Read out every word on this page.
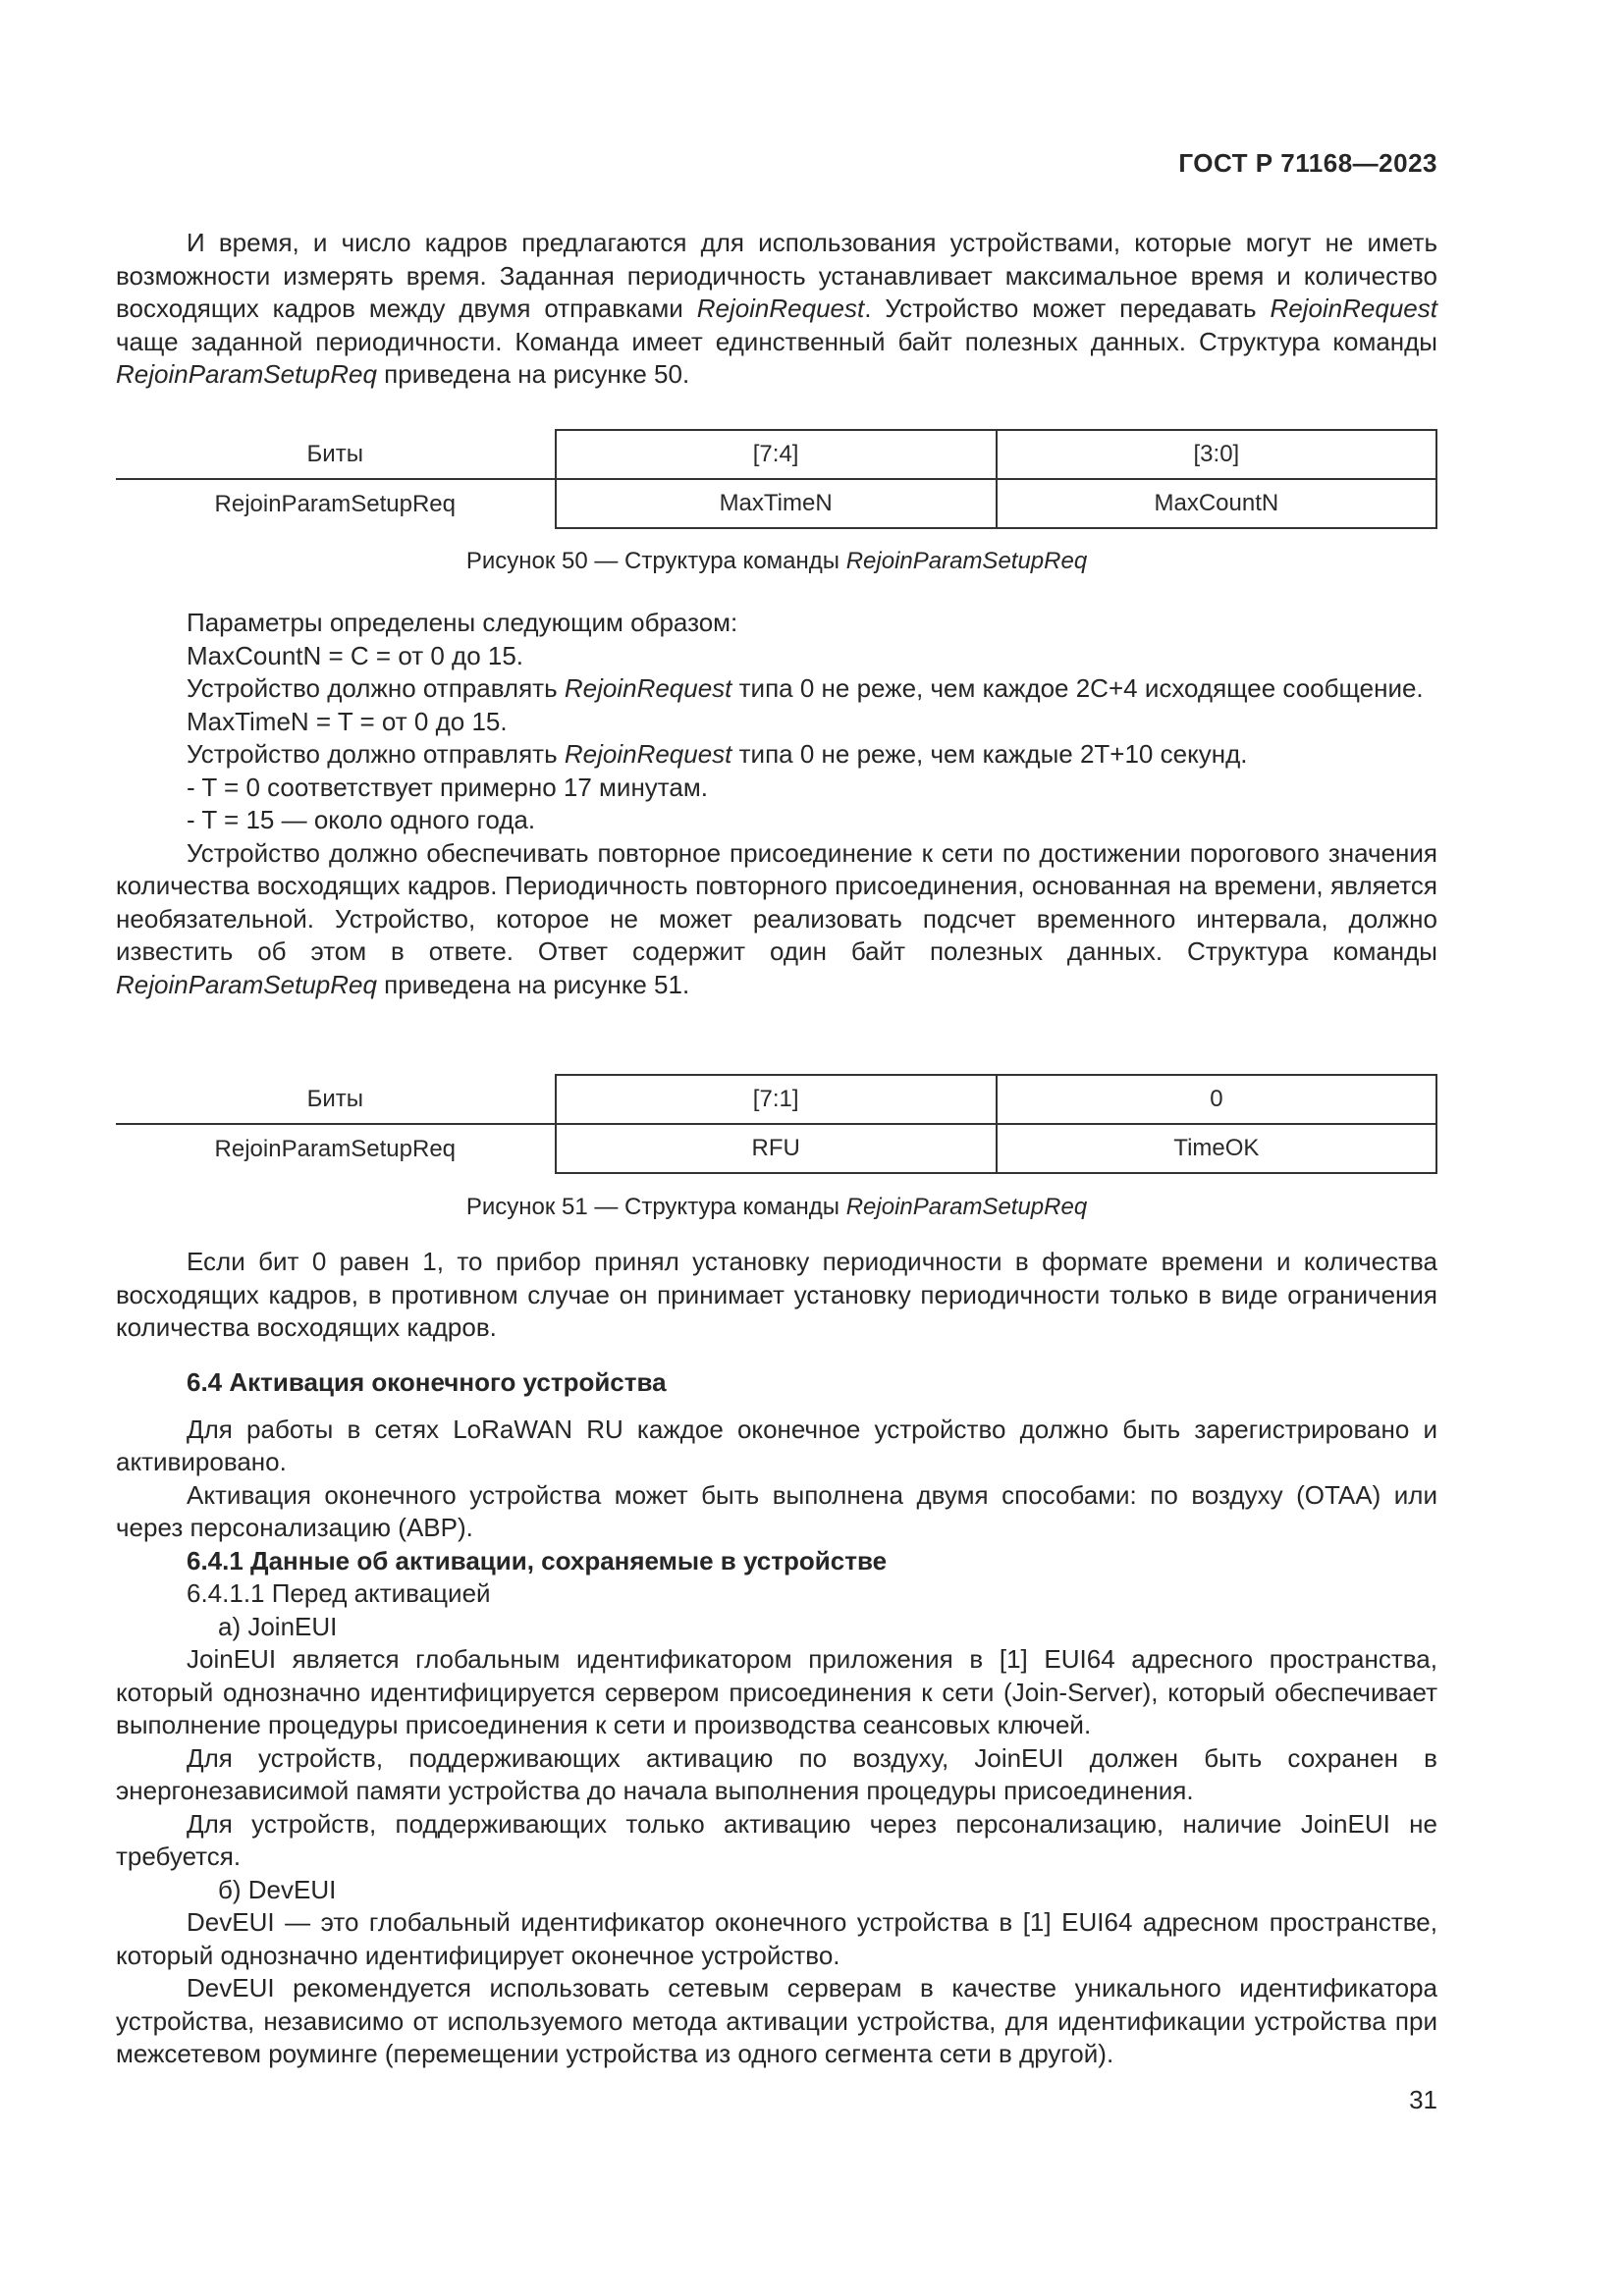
ГОСТ Р 71168—2023

И время, и число кадров предлагаются для использования устройствами, которые могут не иметь возможности измерять время. Заданная периодичность устанавливает максимальное время и количество восходящих кадров между двумя отправками RejoinRequest. Устройство может передавать RejoinRequest чаще заданной периодичности. Команда имеет единственный байт полезных данных. Структура команды RejoinParamSetupReq приведена на рисунке 50.

Биты	[7:4]	[3:0]
RejoinParamSetupReq	MaxTimeN	MaxCountN
Рисунок 50 — Структура команды RejoinParamSetupReq

Параметры определены следующим образом:

MaxCountN = C = от 0 до 15.

Устройство должно отправлять RejoinRequest типа 0 не реже, чем каждое 2C+4 исходящее сообщение.

MaxTimeN = T = от 0 до 15.

Устройство должно отправлять RejoinRequest типа 0 не реже, чем каждые 2T+10 секунд.

- T = 0 соответствует примерно 17 минутам.

- T = 15 — около одного года.

Устройство должно обеспечивать повторное присоединение к сети по достижении порогового значения количества восходящих кадров. Периодичность повторного присоединения, основанная на времени, является необязательной. Устройство, которое не может реализовать подсчет временного интервала, должно известить об этом в ответе. Ответ содержит один байт полезных данных. Структура команды RejoinParamSetupReq приведена на рисунке 51.

Биты	[7:1]	0
RejoinParamSetupReq	RFU	TimeOK
Рисунок 51 — Структура команды RejoinParamSetupReq

Если бит 0 равен 1, то прибор принял установку периодичности в формате времени и количества восходящих кадров, в противном случае он принимает установку периодичности только в виде ограничения количества восходящих кадров.

6.4 Активация оконечного устройства

Для работы в сетях LoRaWAN RU каждое оконечное устройство должно быть зарегистрировано и активировано.

Активация оконечного устройства может быть выполнена двумя способами: по воздуху (OTAA) или через персонализацию (ABP).

6.4.1 Данные об активации, сохраняемые в устройстве

6.4.1.1 Перед активацией

а) JoinEUI

JoinEUI является глобальным идентификатором приложения в [1] EUI64 адресного пространства, который однозначно идентифицируется сервером присоединения к сети (Join-Server), который обеспечивает выполнение процедуры присоединения к сети и производства сеансовых ключей.

Для устройств, поддерживающих активацию по воздуху, JoinEUI должен быть сохранен в энергонезависимой памяти устройства до начала выполнения процедуры присоединения.

Для устройств, поддерживающих только активацию через персонализацию, наличие JoinEUI не требуется.

б) DevEUI

DevEUI — это глобальный идентификатор оконечного устройства в [1] EUI64 адресном пространстве, который однозначно идентифицирует оконечное устройство.

DevEUI рекомендуется использовать сетевым серверам в качестве уникального идентификатора устройства, независимо от используемого метода активации устройства, для идентификации устройства при межсетевом роуминге (перемещении устройства из одного сегмента сети в другой).

31
